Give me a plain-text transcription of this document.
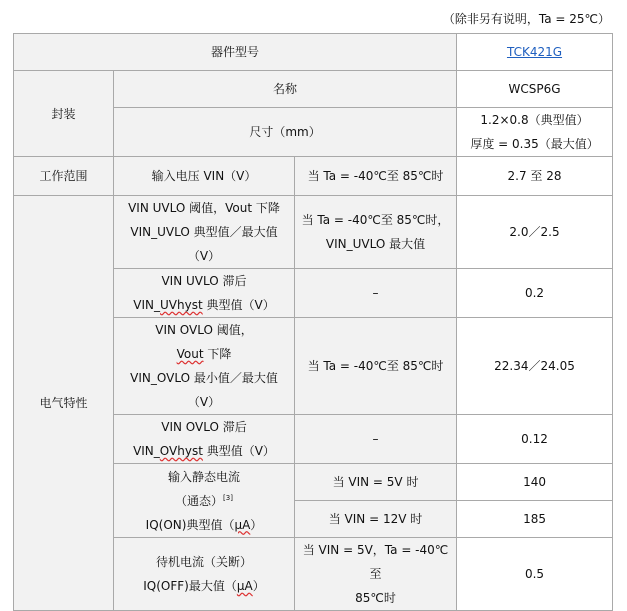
（除非另有说明，Ta = 25℃）
器件型号			TCK421G
封装	名称		WCSP6G
	尺寸（mm）		1.2×0.8（典型值）
厚度 = 0.35（最大值）

工作范围	输入电压 VIN（V）	当 Ta = -40℃至 85℃时	2.7 至 28
电气特性	VIN UVLO 阈值，Vout 下降
VIN_UVLO 典型值／最大值（V）	当 Ta = -40℃至 85℃时，
VIN_UVLO 最大值	2.0／2.5

	VIN UVLO 滞后
VIN_UVhyst 典型值（V）	–	0.2

	VIN OVLO 阈值，
Vout 下降
VIN_OVLO 最小值／最大值（V）	当 Ta = -40℃至 85℃时	22.34／24.05

	VIN OVLO 滞后
VIN_OVhyst 典型值（V）	–	0.12

	输入静态电流
（通态）[3]
IQ(ON)典型值（μA）	当 VIN = 5V 时	140
		当 VIN = 12V 时	185

	待机电流（关断）
IQ(OFF)最大值（μA）	当 VIN = 5V，Ta = -40℃至
85℃时	0.5
